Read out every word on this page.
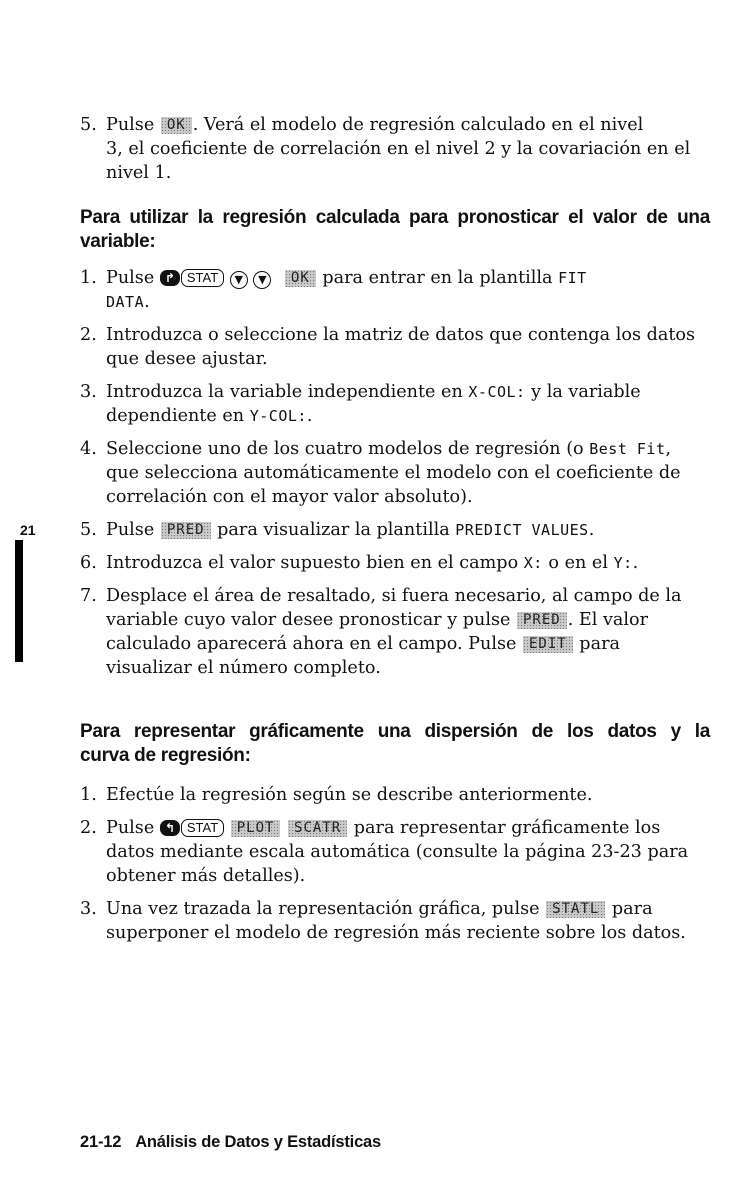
5. Pulse OK . Verá el modelo de regresión calculado en el nivel
3, el coeficiente de correlación en el nivel 2 y la covariación en el
nivel 1.

Para utilizar la regresión calculada para pronosticar el valor de una
variable:

1. Pulse ↱ STAT ▼ ▼ OK para entrar en la plantilla FIT
DATA.

2. Introduzca o seleccione la matriz de datos que contenga los datos
que desee ajustar.

3. Introduzca la variable independiente en X-COL: y la variable
dependiente en Y-COL:.

4. Seleccione uno de los cuatro modelos de regresión (o Best Fit,
que selecciona automáticamente el modelo con el coeficiente de
correlación con el mayor valor absoluto).

5. Pulse PRED para visualizar la plantilla PREDICT VALUES.

6. Introduzca el valor supuesto bien en el campo X: o en el Y:.

7. Desplace el área de resaltado, si fuera necesario, al campo de la
variable cuyo valor desee pronosticar y pulse PRED . El valor
calculado aparecerá ahora en el campo. Pulse EDIT para
visualizar el número completo.

Para representar gráficamente una dispersión de los datos y la
curva de regresión:

1. Efectúe la regresión según se describe anteriormente.

2. Pulse ↰ STAT PLOT SCATR para representar gráficamente los
datos mediante escala automática (consulte la página 23-23 para
obtener más detalles).

3. Una vez trazada la representación gráfica, pulse STATL para
superponer el modelo de regresión más reciente sobre los datos.

21
21-12 Análisis de Datos y Estadísticas
